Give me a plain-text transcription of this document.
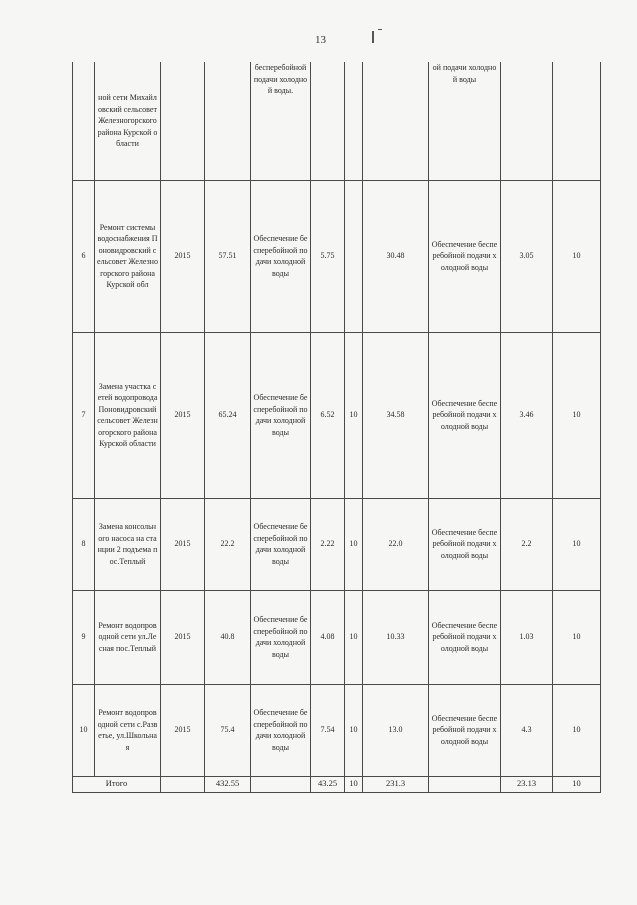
13
	ной сети Михайловский сельсовет Железногорского района Курской области			бесперебойной подачи холодной воды.				ой подачи холодной воды		
6	Ремонт системы водоснабжения Поновидровский сельсовет Железногорского района Курской обл	2015	57.51	Обеспечение бесперебойной подачи холодной воды	5.75		30.48	Обеспечение бесперебойной подачи холодной воды	3.05	10
7	Замена участка сетей водопровода Поновидровский сельсовет Железногорского района Курской области	2015	65.24	Обеспечение бесперебойной подачи холодной воды	6.52	10	34.58	Обеспечение бесперебойной подачи холодной воды	3.46	10
8	Замена консольного насоса на станции 2 подъема пос.Теплый	2015	22.2	Обеспечение бесперебойной подачи холодной воды	2.22	10	22.0	Обеспечение бесперебойной подачи холодной воды	2.2	10
9	Ремонт водопроводной сети ул.Лесная пос.Теплый	2015	40.8	Обеспечение бесперебойной подачи холодной воды	4.08	10	10.33	Обеспечение бесперебойной подачи холодной воды	1.03	10
10	Ремонт водопроводной сети с.Разветье, ул.Школьная	2015	75.4	Обеспечение бесперебойной подачи холодной воды	7.54	10	13.0	Обеспечение бесперебойной подачи холодной воды	4.3	10
Итого			432.55		43.25	10	231.3		23.13	10
